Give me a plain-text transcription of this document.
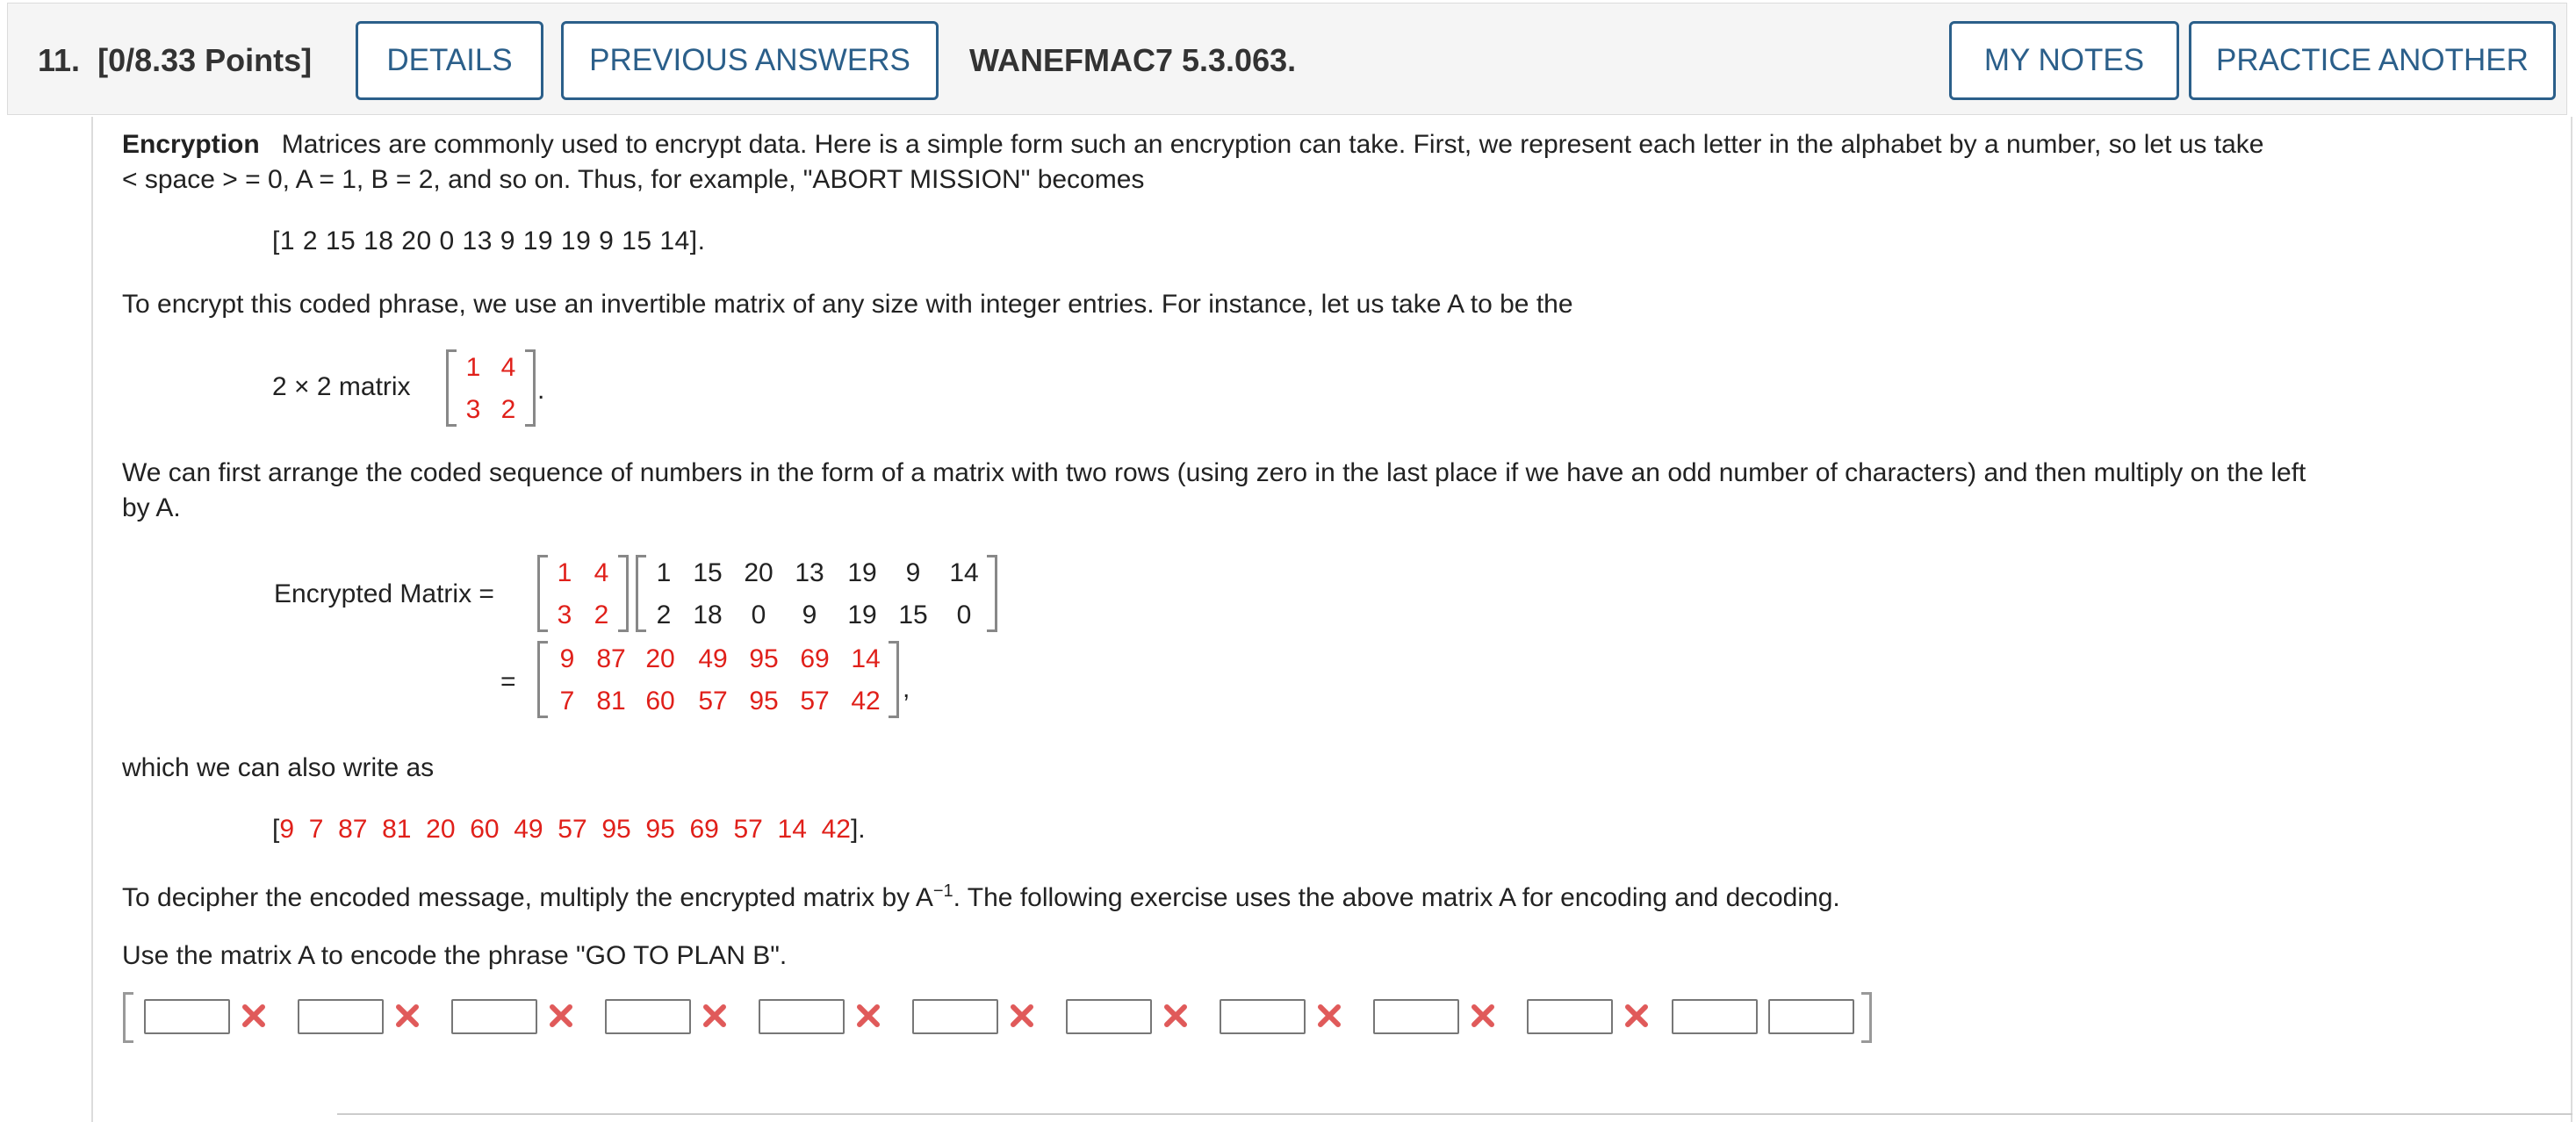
11. [0/8.33 Points]	DETAILS	PREVIOUS ANSWERS	WANEFMAC7 5.3.063.	MY NOTES	PRACTICE ANOTHER
Encryption Matrices are commonly used to encrypt data. Here is a simple form such an encryption can take. First, we represent each letter in the alphabet by a number, so let us take
< space > = 0, A = 1, B = 2, and so on. Thus, for example, "ABORT MISSION" becomes
[1 2 15 18 20 0 13 9 19 19 9 15 14].
To encrypt this coded phrase, we use an invertible matrix of any size with integer entries. For instance, let us take A to be the
2 × 2 matrix
1 4
3 2
.
We can first arrange the coded sequence of numbers in the form of a matrix with two rows (using zero in the last place if we have an odd number of characters) and then multiply on the left
by A.
Encrypted Matrix =
1 4
3 2
1 15 20 13 19	9	14
2 18	0	9	19 15	0
=
9 87 20 49 95 69 14
7 81 60 57 95 57 42 ,
which we can also write as
[9 7 87 81 20 60 49 57 95 95 69 57 14 42].
To decipher the encoded message, multiply the encrypted matrix by $A^{-1}$. The following exercise uses the above matrix A for encoding and decoding.
Use the matrix A to encode the phrase "GO TO PLAN B".
